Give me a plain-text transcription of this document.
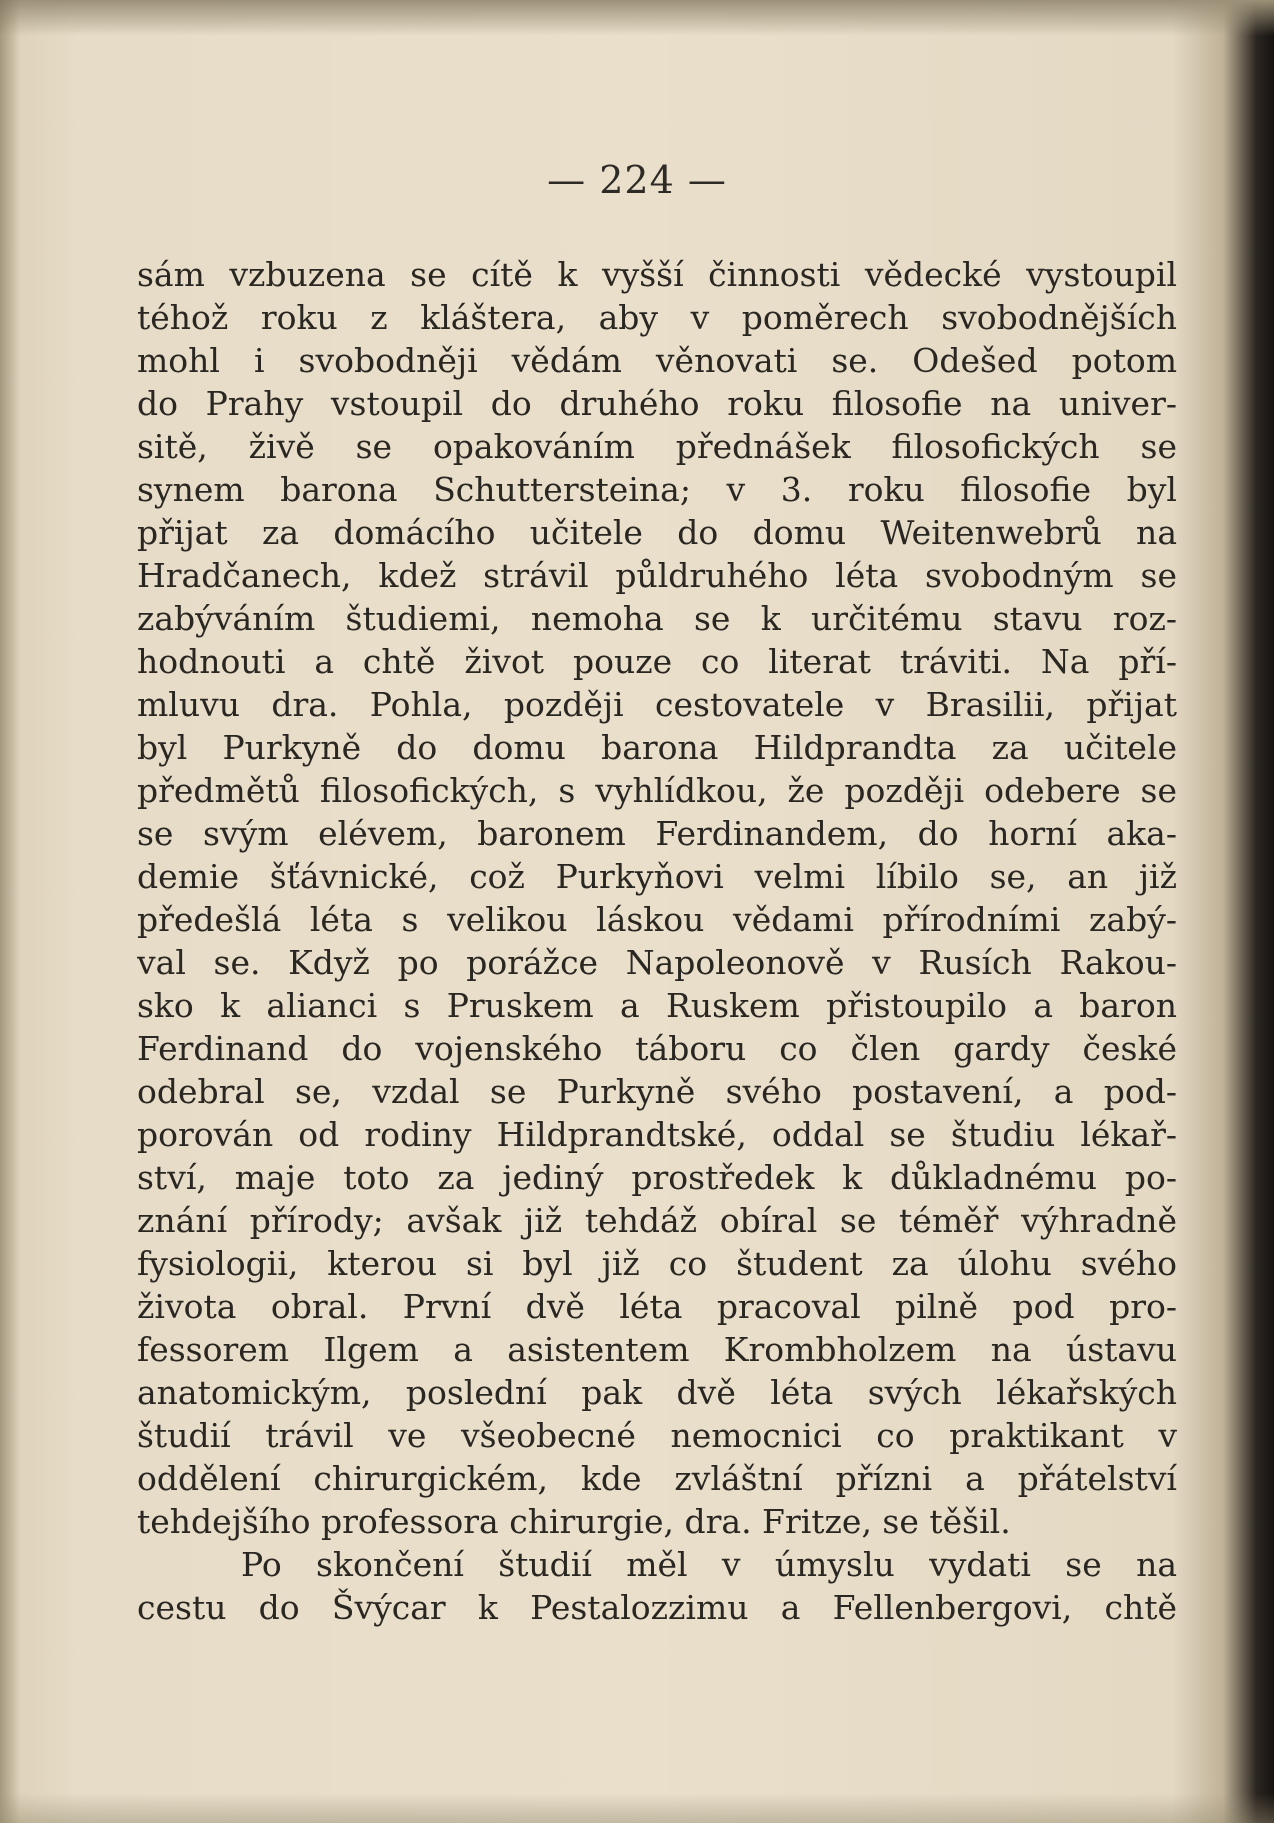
— 224 —
sám vzbuzena se cítě k vyšší činnosti vědecké vystoupil
téhož roku z kláštera, aby v poměrech svobodnějších
mohl i svobodněji vědám věnovati se. Odešed potom
do Prahy vstoupil do druhého roku filosofie na univer-
sitě, živě se opakováním přednášek filosofických se
synem barona Schuttersteina; v 3. roku filosofie byl
přijat za domácího učitele do domu Weitenwebrů na
Hradčanech, kdež strávil půldruhého léta svobodným se
zabýváním študiemi, nemoha se k určitému stavu roz-
hodnouti a chtě život pouze co literat tráviti. Na pří-
mluvu dra. Pohla, později cestovatele v Brasilii, přijat
byl Purkyně do domu barona Hildprandta za učitele
předmětů filosofických, s vyhlídkou, že později odebere se
se svým elévem, baronem Ferdinandem, do horní aka-
demie šťávnické, což Purkyňovi velmi líbilo se, an již
předešlá léta s velikou láskou vědami přírodními zabý-
val se. Když po porážce Napoleonově v Rusích Rakou-
sko k alianci s Pruskem a Ruskem přistoupilo a baron
Ferdinand do vojenského táboru co člen gardy české
odebral se, vzdal se Purkyně svého postavení, a pod-
porován od rodiny Hildprandtské, oddal se študiu lékař-
ství, maje toto za jediný prostředek k důkladnému po-
znání přírody; avšak již tehdáž obíral se téměř výhradně
fysiologii, kterou si byl již co študent za úlohu svého
života obral. První dvě léta pracoval pilně pod pro-
fessorem Ilgem a asistentem Krombholzem na ústavu
anatomickým, poslední pak dvě léta svých lékařských
študií trávil ve všeobecné nemocnici co praktikant v
oddělení chirurgickém, kde zvláštní přízni a přátelství
tehdejšího professora chirurgie, dra. Fritze, se těšil.
Po skončení študií měl v úmyslu vydati se na
cestu do Švýcar k Pestalozzimu a Fellenbergovi, chtě
